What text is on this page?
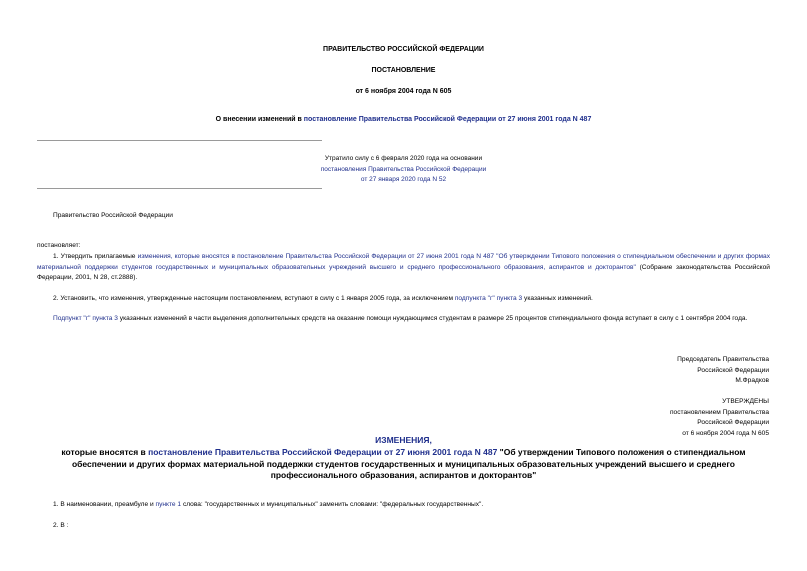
ПРАВИТЕЛЬСТВО РОССИЙСКОЙ ФЕДЕРАЦИИ
ПОСТАНОВЛЕНИЕ
от 6 ноября 2004 года N 605
О внесении изменений в постановление Правительства Российской Федерации от 27 июня 2001 года N 487
Утратило силу с 6 февраля 2020 года на основании
постановления Правительства Российской Федерации
от 27 января 2020 года N 52
Правительство Российской Федерации
постановляет:
1. Утвердить прилагаемые изменения, которые вносятся в постановление Правительства Российской Федерации от 27 июня 2001 года N 487 "Об утверждении Типового положения о стипендиальном обеспечении и других формах материальной поддержки студентов государственных и муниципальных образовательных учреждений высшего и среднего профессионального образования, аспирантов и докторантов" (Собрание законодательства Российской Федерации, 2001, N 28, ст.2888).
2. Установить, что изменения, утвержденные настоящим постановлением, вступают в силу с 1 января 2005 года, за исключением подпункта "г" пункта 3 указанных изменений.
Подпункт "г" пункта 3 указанных изменений в части выделения дополнительных средств на оказание помощи нуждающимся студентам в размере 25 процентов стипендиального фонда вступает в силу с 1 сентября 2004 года.
Председатель Правительства
Российской Федерации
М.Фрадков
УТВЕРЖДЕНЫ
постановлением Правительства
Российской Федерации
от 6 ноября 2004 года N 605
ИЗМЕНЕНИЯ,
которые вносятся в постановление Правительства Российской Федерации от 27 июня 2001 года N 487 "Об утверждении Типового положения о стипендиальном обеспечении и других формах материальной поддержки студентов государственных и муниципальных образовательных учреждений высшего и среднего профессионального образования, аспирантов и докторантов"
1. В наименовании, преамбуле и пункте 1 слова: "государственных и муниципальных" заменить словами: "федеральных государственных".
2. В :
